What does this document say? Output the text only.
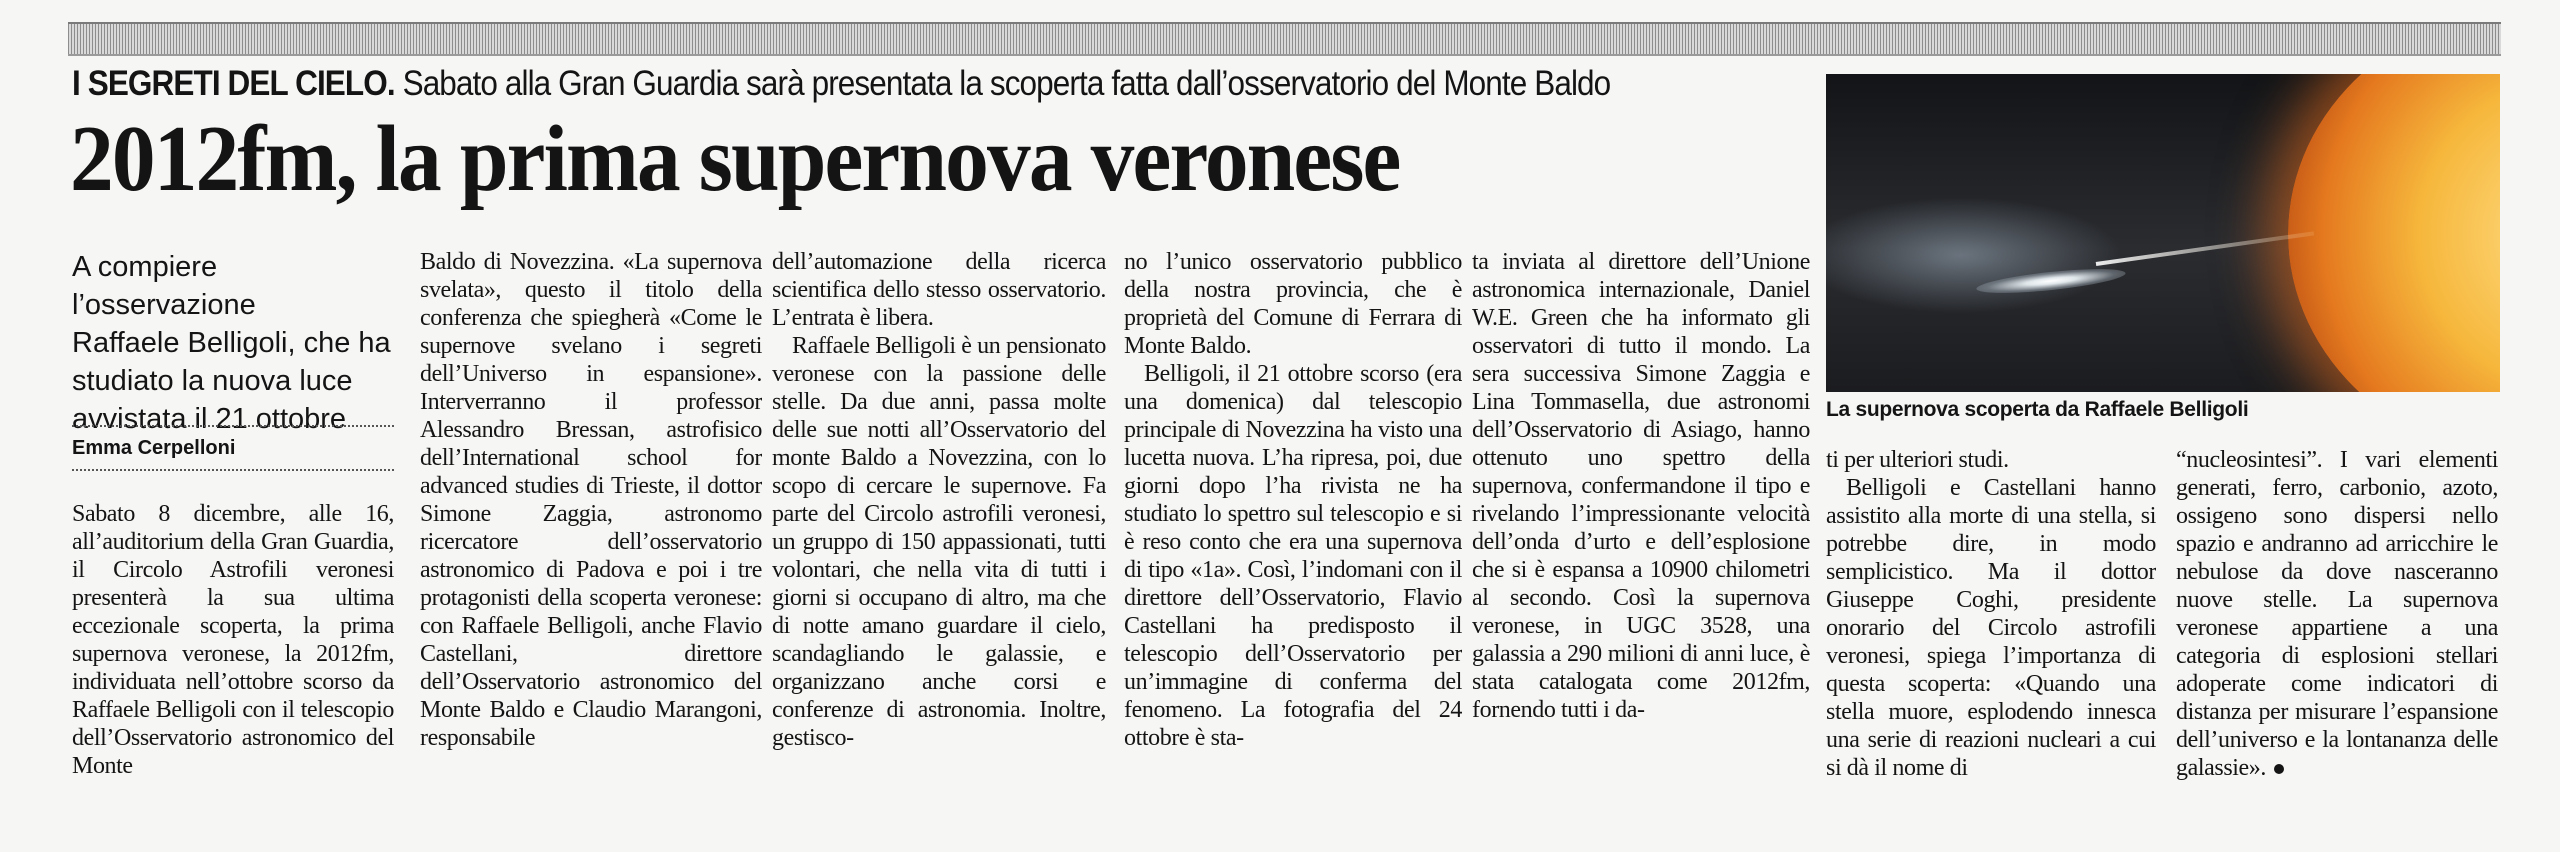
I SEGRETI DEL CIELO. Sabato alla Gran Guardia sarà presentata la scoperta fatta dall’osservatorio del Monte Baldo
2012fm, la prima supernova veronese

A compiere l’osservazione

Raffaele Belligoli, che ha

studiato la nuova luce

avvistata il 21 ottobre

Emma Cerpelloni

Sabato 8 dicembre, alle 16, all’auditorium della Gran Guardia, il Circolo Astrofili veronesi presenterà la sua ultima eccezionale scoperta, la prima supernova veronese, la 2012fm, individuata nell’ottobre scorso da Raffaele Belligoli con il telescopio dell’Osservatorio astronomico del Monte

Baldo di Novezzina. «La supernova svelata», questo il titolo della conferenza che spiegherà «Come le supernove svelano i segreti dell’Universo in espansione». Interverranno il professor Alessandro Bressan, astrofisico dell’International school for advanced studies di Trieste, il dottor Simone Zaggia, astronomo ricercatore dell’osservatorio astronomico di Padova e poi i tre protagonisti della scoperta veronese: con Raffaele Belligoli, anche Flavio Castellani, direttore dell’Osservatorio astronomico del Monte Baldo e Claudio Marangoni, responsabile

dell’automazione della ricerca scientifica dello stesso osservatorio. L’entrata è libera.

Raffaele Belligoli è un pensionato veronese con la passione delle stelle. Da due anni, passa molte delle sue notti all’Osservatorio del monte Baldo a Novezzina, con lo scopo di cercare le supernove. Fa parte del Circolo astrofili veronesi, un gruppo di 150 appassionati, tutti volontari, che nella vita di tutti i giorni si occupano di altro, ma che di notte amano guardare il cielo, scandagliando le galassie, e organizzano anche corsi e conferenze di astronomia. Inoltre, gestisco-

no l’unico osservatorio pubblico della nostra provincia, che è proprietà del Comune di Ferrara di Monte Baldo.

Belligoli, il 21 ottobre scorso (era una domenica) dal telescopio principale di Novezzina ha visto una lucetta nuova. L’ha ripresa, poi, due giorni dopo l’ha rivista ne ha studiato lo spettro sul telescopio e si è reso conto che era una supernova di tipo «1a». Così, l’indomani con il direttore dell’Osservatorio, Flavio Castellani ha predisposto il telescopio dell’Osservatorio per un’immagine di conferma del fenomeno. La fotografia del 24 ottobre è sta-

ta inviata al direttore dell’Unione astronomica internazionale, Daniel W.E. Green che ha informato gli osservatori di tutto il mondo. La sera successiva Simone Zaggia e Lina Tommasella, due astronomi dell’Osservatorio di Asiago, hanno ottenuto uno spettro della supernova, confermandone il tipo e rivelando l’impressionante velocità dell’onda d’urto e dell’esplosione che si è espansa a 10900 chilometri al secondo. Così la supernova veronese, in UGC 3528, una galassia a 290 milioni di anni luce, è stata catalogata come 2012fm, fornendo tutti i da-

La supernova scoperta da Raffaele Belligoli

ti per ulteriori studi.

Belligoli e Castellani hanno assistito alla morte di una stella, si potrebbe dire, in modo semplicistico. Ma il dottor Giuseppe Coghi, presidente onorario del Circolo astrofili veronesi, spiega l’importanza di questa scoperta: «Quando una stella muore, esplodendo innesca una serie di reazioni nucleari a cui si dà il nome di

“nucleosintesi”. I vari elementi generati, ferro, carbonio, azoto, ossigeno sono dispersi nello spazio e andranno ad arricchire le nebulose da dove nasceranno nuove stelle. La supernova veronese appartiene a una categoria di esplosioni stellari adoperate come indicatori di distanza per misurare l’espansione dell’universo e la lontananza delle galassie».
